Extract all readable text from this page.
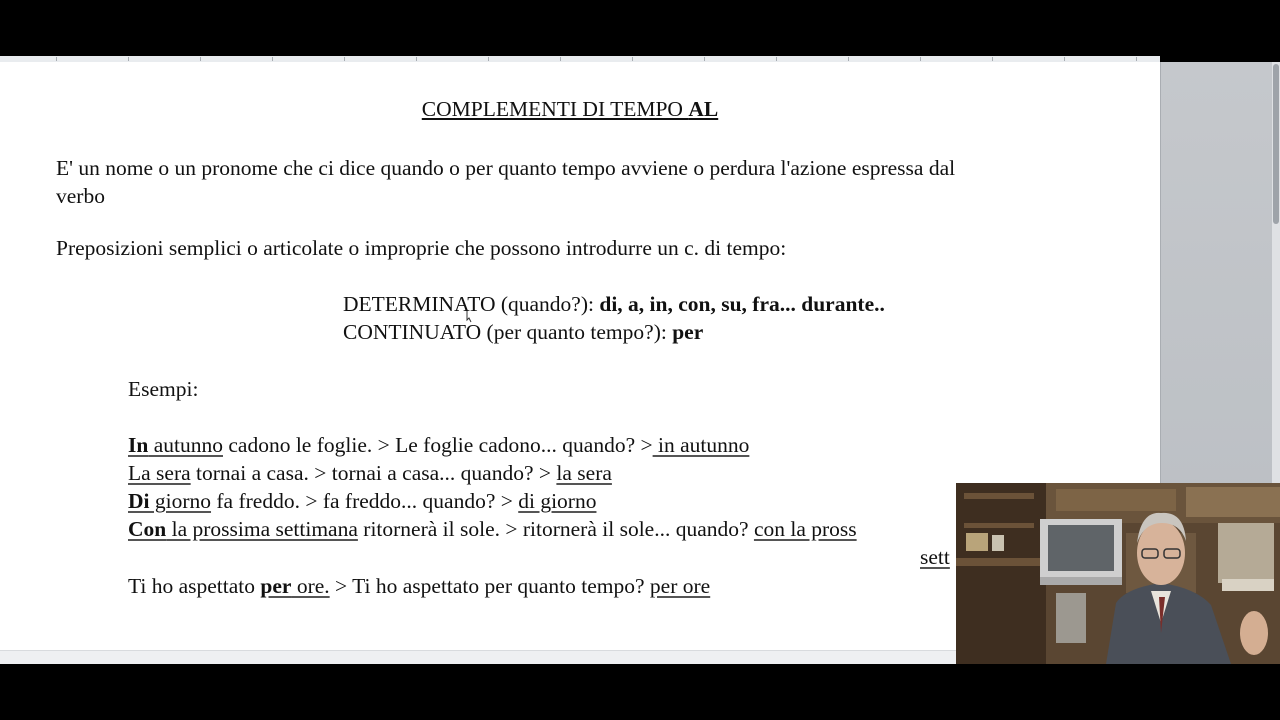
COMPLEMENTI DI TEMPO AL
E' un nome o un pronome che ci dice quando o per quanto tempo avviene o perdura l'azione espressa dal
verbo
Preposizioni semplici o articolate o improprie che possono introdurre un c. di tempo:
DETERMINATO (quando?): di, a, in, con, su, fra... durante..
CONTINUATO (per quanto tempo?): per
Esempi:
In autunno cadono le foglie. > Le foglie cadono... quando? > in autunno
La sera tornai a casa. > tornai a casa... quando? > la sera
Di giorno fa freddo. > fa freddo... quando? > di giorno
Con la prossima settimana ritornerà il sole. > ritornerà il sole... quando? con la pross
sett
Ti ho aspettato per ore. > Ti ho aspettato per quanto tempo? per ore
